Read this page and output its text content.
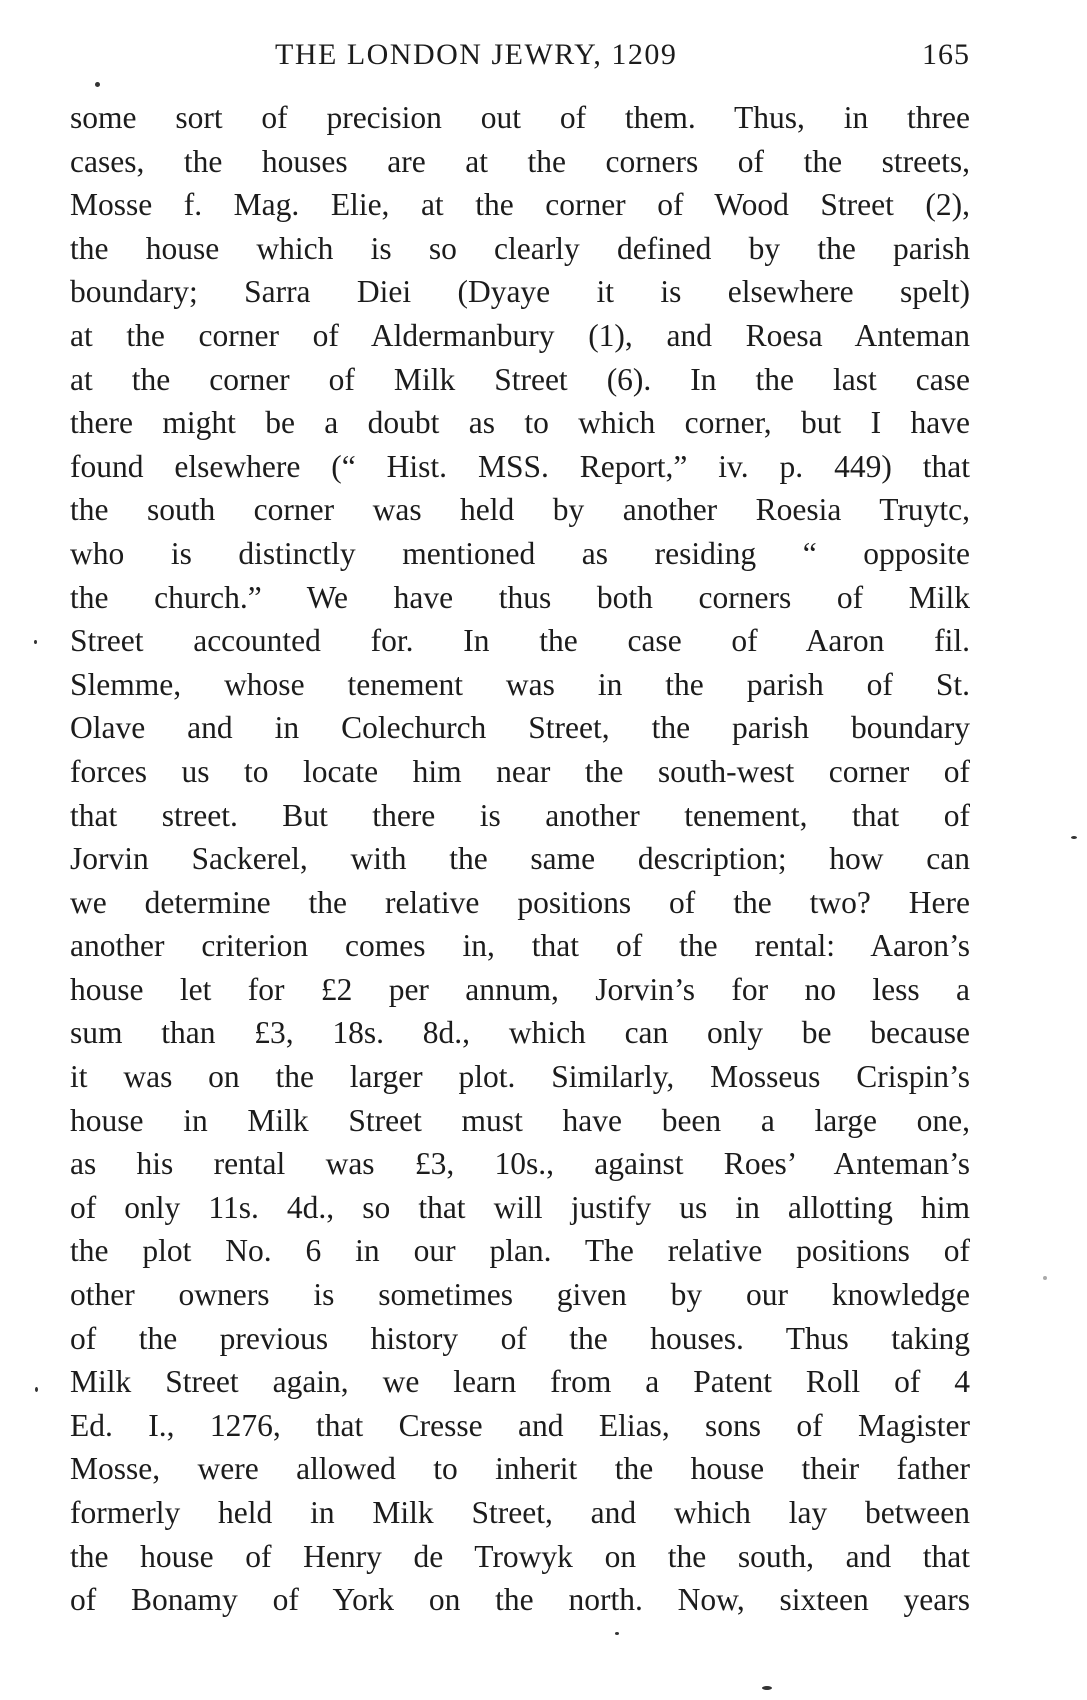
THE LONDON JEWRY, 1209	165
some sort of precision out of them. Thus, in three
cases, the houses are at the corners of the streets,
Mosse f. Mag. Elie, at the corner of Wood Street (2),
the house which is so clearly defined by the parish
boundary; Sarra Diei (Dyaye it is elsewhere spelt)
at the corner of Aldermanbury (1), and Roesa Anteman
at the corner of Milk Street (6). In the last case
there might be a doubt as to which corner, but I have
found elsewhere (“ Hist. MSS. Report,” iv. p. 449) that
the south corner was held by another Roesia Truytc,
who is distinctly mentioned as residing “ opposite
the church.” We have thus both corners of Milk
Street accounted for. In the case of Aaron fil.
Slemme, whose tenement was in the parish of St.
Olave and in Colechurch Street, the parish boundary
forces us to locate him near the south-west corner of
that street. But there is another tenement, that of
Jorvin Sackerel, with the same description; how can
we determine the relative positions of the two? Here
another criterion comes in, that of the rental: Aaron’s
house let for £2 per annum, Jorvin’s for no less a
sum than £3, 18s. 8d., which can only be because
it was on the larger plot. Similarly, Mosseus Crispin’s
house in Milk Street must have been a large one,
as his rental was £3, 10s., against Roes’ Anteman’s
of only 11s. 4d., so that will justify us in allotting him
the plot No. 6 in our plan. The relative positions of
other owners is sometimes given by our knowledge
of the previous history of the houses. Thus taking
Milk Street again, we learn from a Patent Roll of 4
Ed. I., 1276, that Cresse and Elias, sons of Magister
Mosse, were allowed to inherit the house their father
formerly held in Milk Street, and which lay between
the house of Henry de Trowyk on the south, and that
of Bonamy of York on the north. Now, sixteen years
